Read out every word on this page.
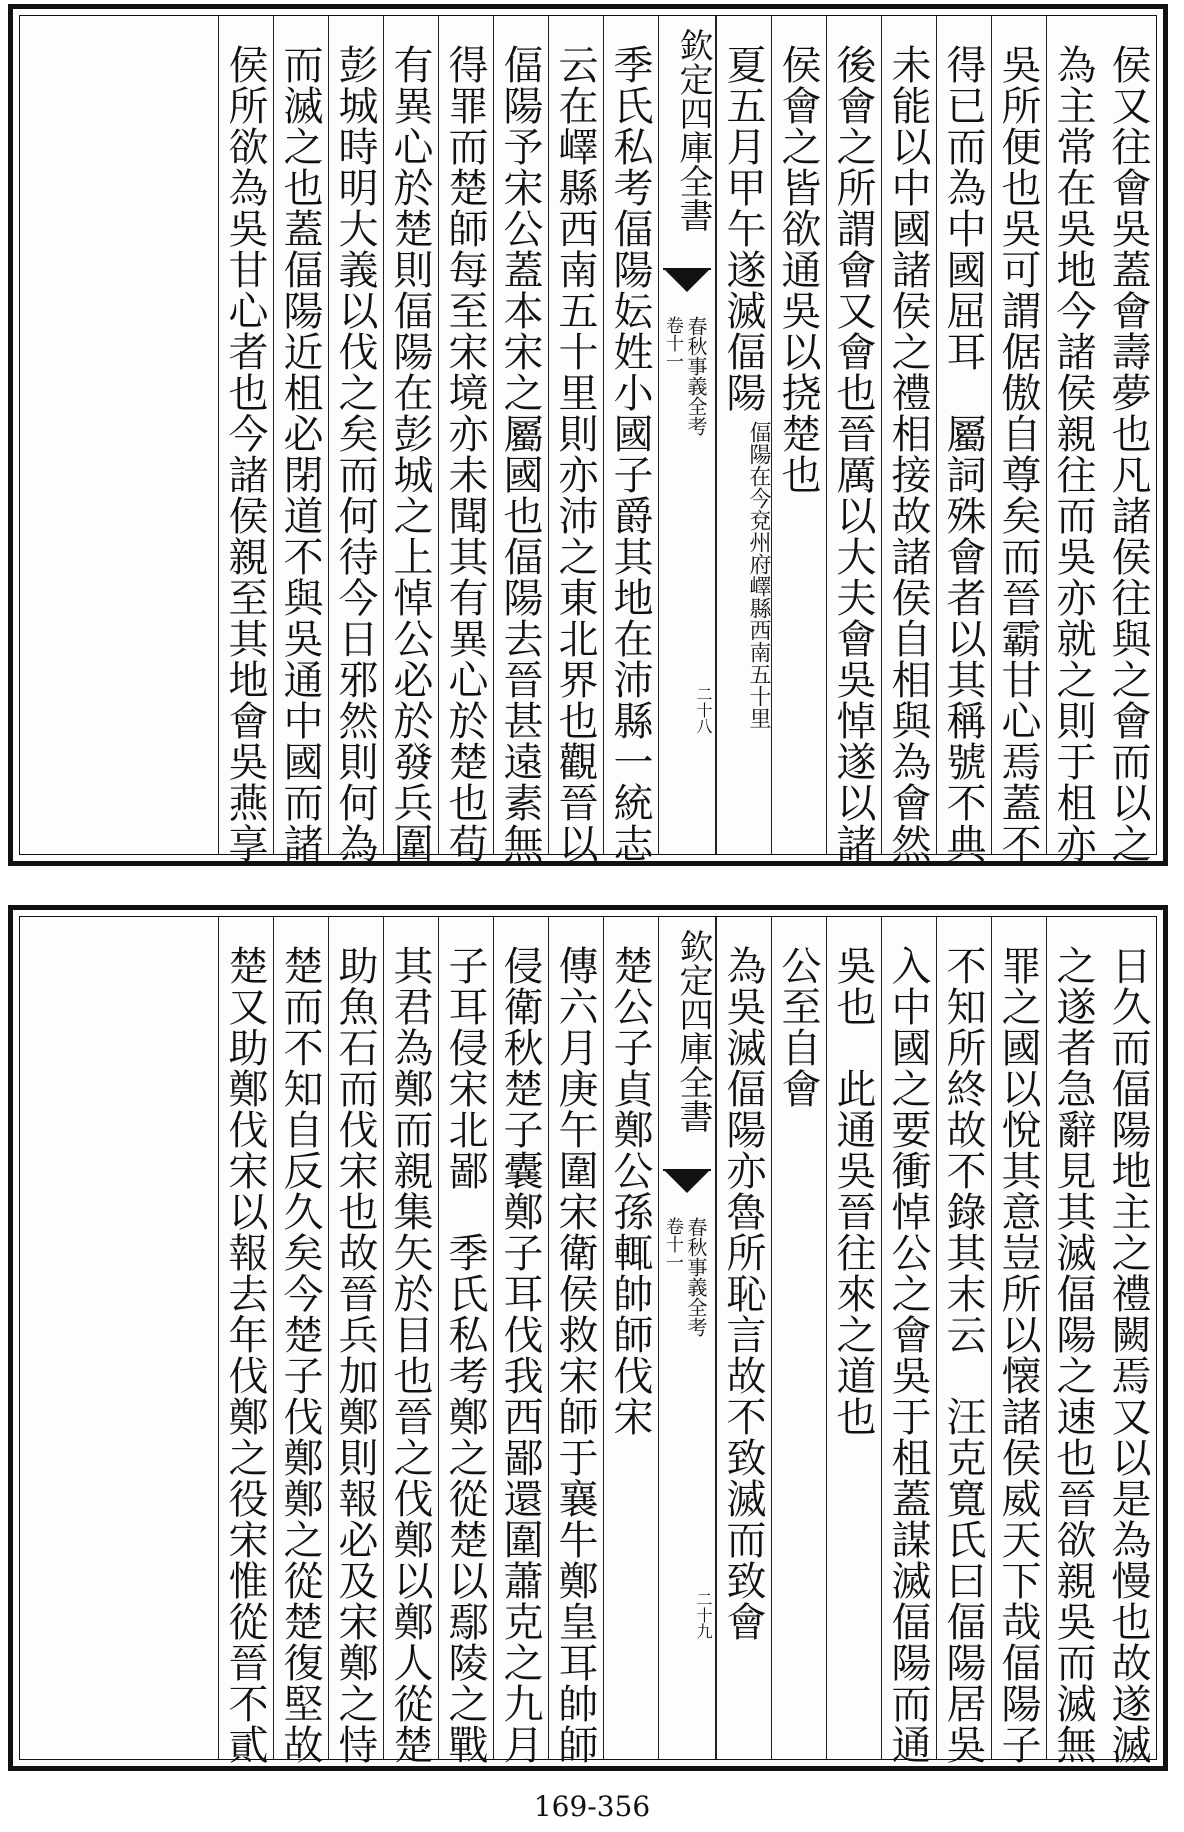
侯又往會吳蓋會壽夢也凡諸侯往與之會而以之
為主常在吳地今諸侯親往而吳亦就之則于柤亦
吳所便也吳可謂倨傲自尊矣而晉霸甘心焉蓋不
得已而為中國屈耳　屬詞殊會者以其稱號不典
未能以中國諸侯之禮相接故諸侯自相與為會然
後會之所謂會又會也晉厲以大夫會吳悼遂以諸
侯會之皆欲通吳以挠楚也
夏五月甲午遂滅偪陽
偪陽在今兗州府嶧縣西南五十里
欽定四庫全書
春秋事義全考
卷十一
二十八
季氏私考偪陽妘姓小國子爵其地在沛縣一統志
云在嶧縣西南五十里則亦沛之東北界也觀晉以
偪陽予宋公蓋本宋之屬國也偪陽去晉甚遠素無
得罪而楚師每至宋境亦未聞其有異心於楚也苟
有異心於楚則偪陽在彭城之上悼公必於發兵圍
彭城時明大義以伐之矣而何待今日邪然則何為
而滅之也蓋偪陽近柤必閉道不與吳通中國而諸
侯所欲為吳甘心者也今諸侯親至其地會吳燕享
日久而偪陽地主之禮闕焉又以是為慢也故遂滅
之遂者急辭見其滅偪陽之速也晉欲親吳而滅無
罪之國以悅其意豈所以懐諸侯威天下哉偪陽子
不知所終故不錄其末云　汪克寬氏曰偪陽居吳
入中國之要衝悼公之會吳于柤蓋謀滅偪陽而通
吳也　此通吳晉往來之道也
公至自會
為吳滅偪陽亦魯所恥言故不致滅而致會
欽定四庫全書
春秋事義全考
卷十一
二十九
楚公子貞鄭公孫輒帥師伐宋
傳六月庚午圍宋衛侯救宋師于襄牛鄭皇耳帥師
侵衛秋楚子囊鄭子耳伐我西鄙還圍蕭克之九月
子耳侵宋北鄙　季氏私考鄭之從楚以鄢陵之戰
其君為鄭而親集矢於目也晉之伐鄭以鄭人從楚
助魚石而伐宋也故晉兵加鄭則報必及宋鄭之恃
楚而不知自反久矣今楚子伐鄭鄭之從楚復堅故
楚又助鄭伐宋以報去年伐鄭之役宋惟從晉不貳
169-356
